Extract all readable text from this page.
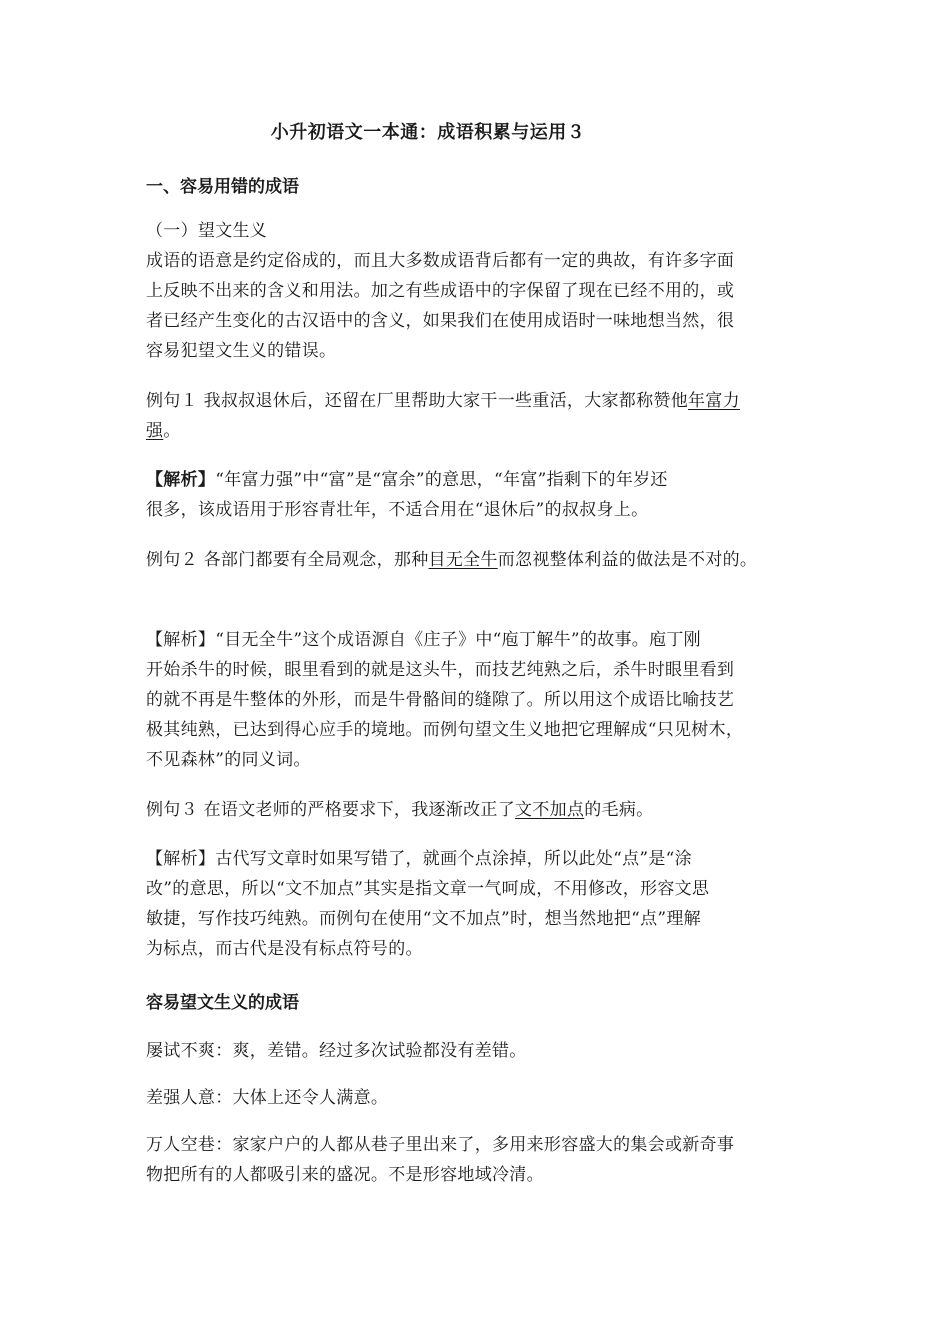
小升初语文一本通：成语积累与运用３
一、容易用错的成语
（一）望文生义
成语的语意是约定俗成的，而且大多数成语背后都有一定的典故，有许多字面
上反映不出来的含义和用法。加之有些成语中的字保留了现在已经不用的，或
者已经产生变化的古汉语中的含义，如果我们在使用成语时一味地想当然，很
容易犯望文生义的错误。
例句１ 我叔叔退休后，还留在厂里帮助大家干一些重活，大家都称赞他年富力
强。
【解析】“年富力强”中“富”是“富余”的意思，“年富”指剩下的年岁还
很多，该成语用于形容青壮年，不适合用在“退休后”的叔叔身上。
例句２ 各部门都要有全局观念，那种目无全牛而忽视整体利益的做法是不对的。
【解析】“目无全牛”这个成语源自《庄子》中“庖丁解牛”的故事。庖丁刚
开始杀牛的时候，眼里看到的就是这头牛，而技艺纯熟之后，杀牛时眼里看到
的就不再是牛整体的外形，而是牛骨骼间的缝隙了。所以用这个成语比喻技艺
极其纯熟，已达到得心应手的境地。而例句望文生义地把它理解成“只见树木，
不见森林”的同义词。
例句３ 在语文老师的严格要求下，我逐渐改正了文不加点的毛病。
【解析】古代写文章时如果写错了，就画个点涂掉，所以此处“点”是“涂
改”的意思，所以“文不加点”其实是指文章一气呵成，不用修改，形容文思
敏捷，写作技巧纯熟。而例句在使用“文不加点”时，想当然地把“点”理解
为标点，而古代是没有标点符号的。
容易望文生义的成语
屡试不爽：爽，差错。经过多次试验都没有差错。
差强人意：大体上还令人满意。
万人空巷：家家户户的人都从巷子里出来了，多用来形容盛大的集会或新奇事
物把所有的人都吸引来的盛况。不是形容地域冷清。
